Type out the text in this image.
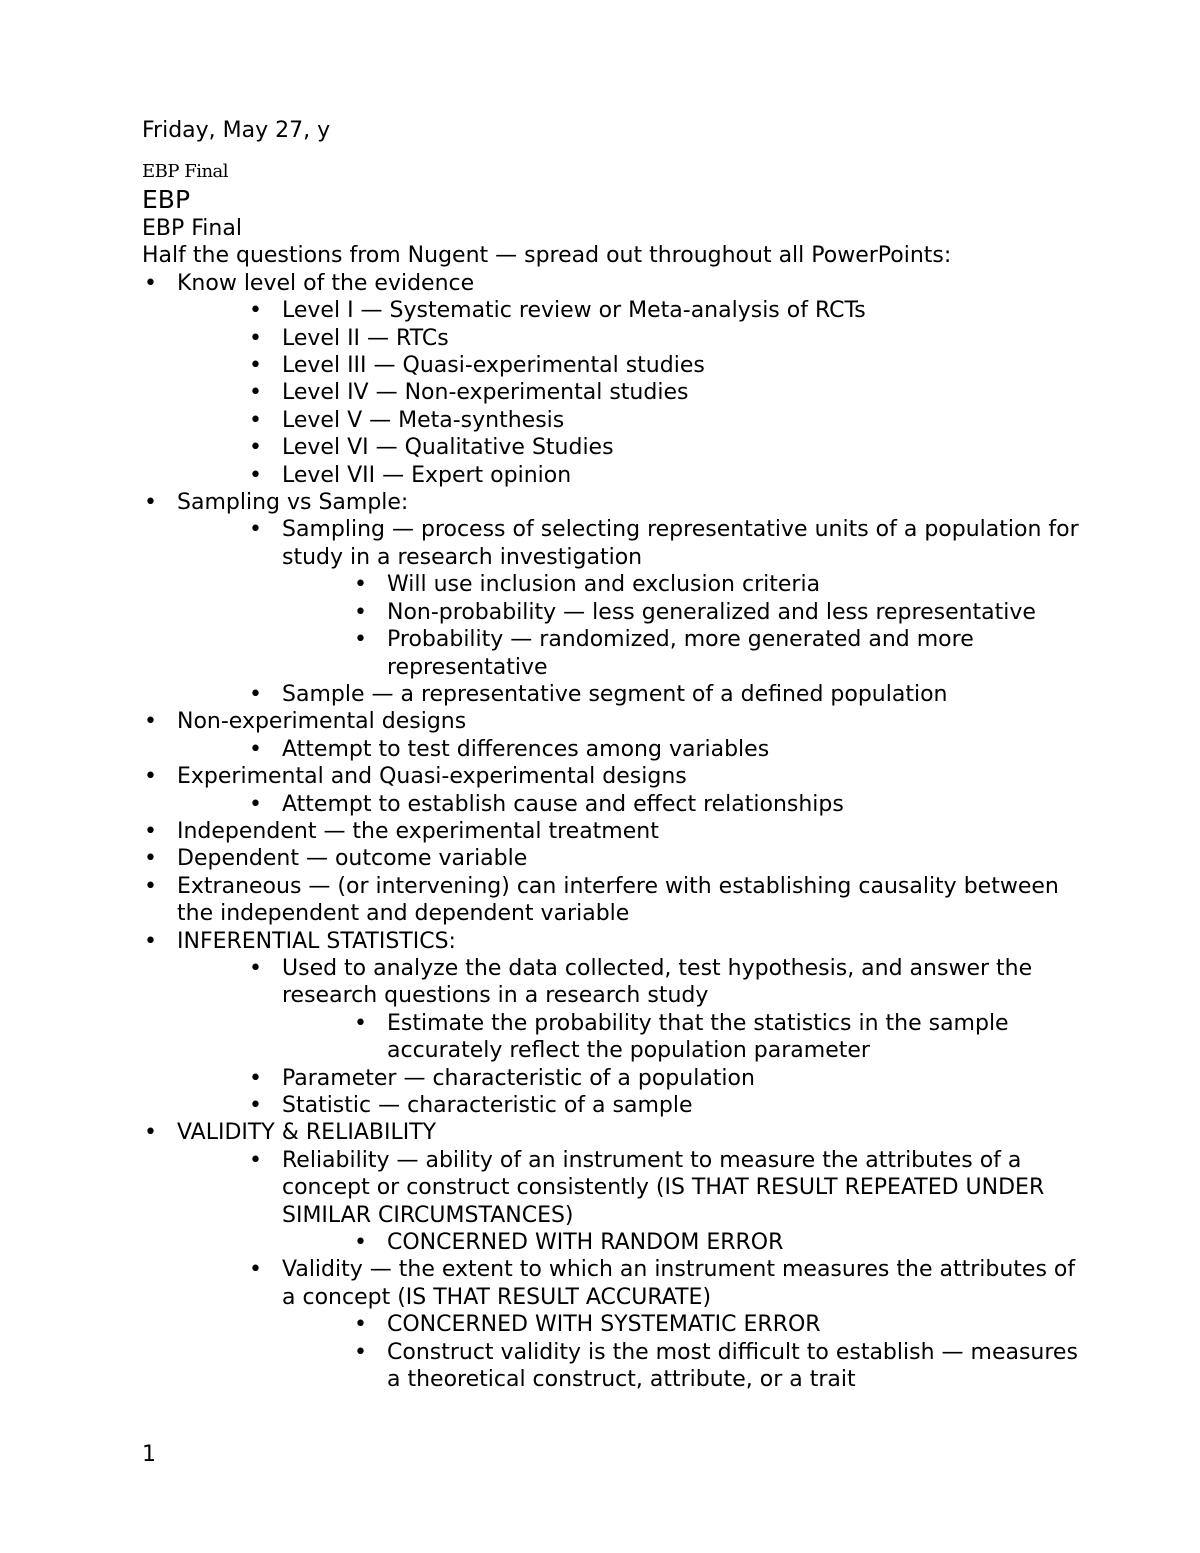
Friday, May 27, y
EBP Final
EBP

EBP Final

Half the questions from Nugent — spread out throughout all PowerPoints:

• Know level of the evidence
• Level I — Systematic review or Meta-analysis of RCTs
• Level II — RTCs
• Level III — Quasi-experimental studies
• Level IV — Non-experimental studies
• Level V — Meta-synthesis
• Level VI — Qualitative Studies
• Level VII — Expert opinion
• Sampling vs Sample:
• Sampling — process of selecting representative units of a population for study in a research investigation
• Will use inclusion and exclusion criteria
• Non-probability — less generalized and less representative
• Probability — randomized, more generated and more representative
• Sample — a representative segment of a defined population
• Non-experimental designs
• Attempt to test differences among variables
• Experimental and Quasi-experimental designs
• Attempt to establish cause and effect relationships
• Independent — the experimental treatment
• Dependent — outcome variable
• Extraneous — (or intervening) can interfere with establishing causality between the independent and dependent variable
• INFERENTIAL STATISTICS:
• Used to analyze the data collected, test hypothesis, and answer the research questions in a research study
• Estimate the probability that the statistics in the sample accurately reflect the population parameter
• Parameter — characteristic of a population
• Statistic — characteristic of a sample
• VALIDITY & RELIABILITY
• Reliability — ability of an instrument to measure the attributes of a concept or construct consistently (IS THAT RESULT REPEATED UNDER SIMILAR CIRCUMSTANCES)
• CONCERNED WITH RANDOM ERROR
• Validity — the extent to which an instrument measures the attributes of a concept (IS THAT RESULT ACCURATE)
• CONCERNED WITH SYSTEMATIC ERROR
• Construct validity is the most difficult to establish — measures a theoretical construct, attribute, or a trait
1
